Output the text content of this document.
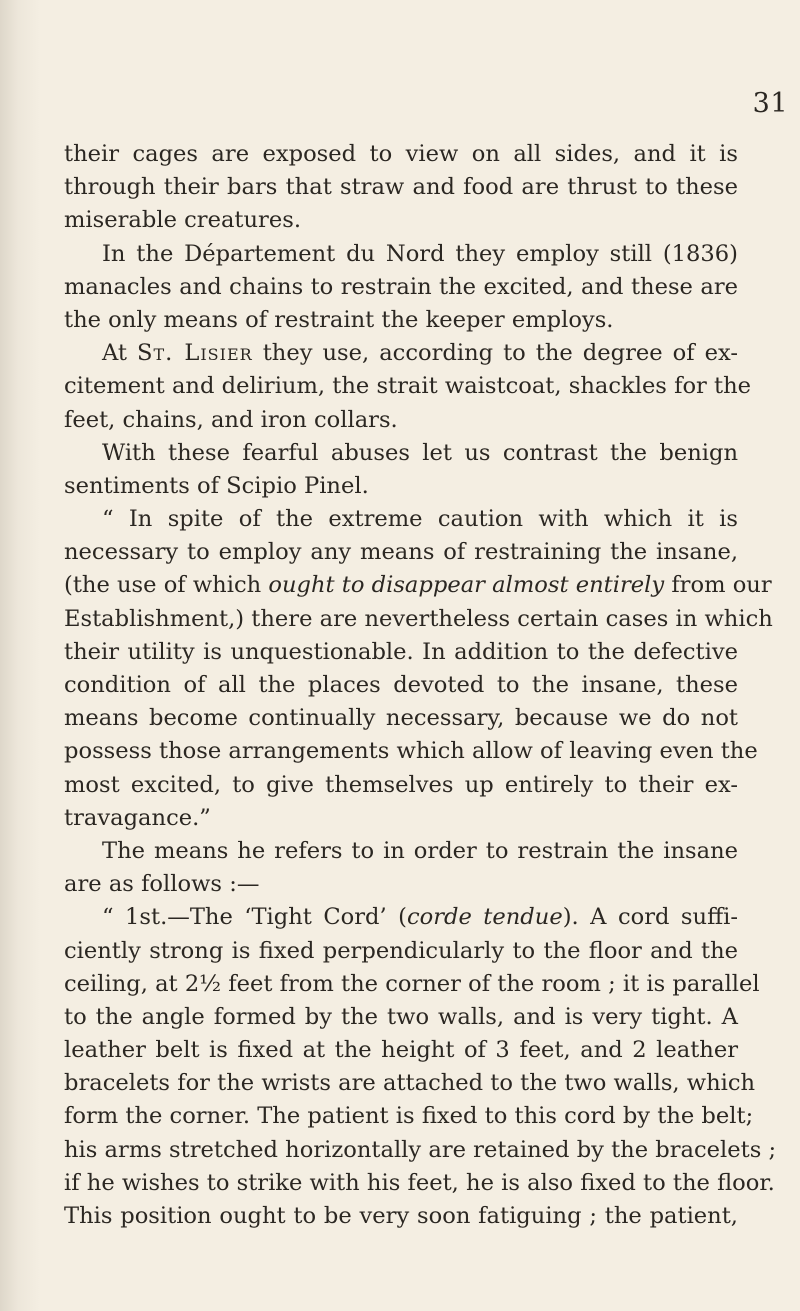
31
their cages are exposed to view on all sides, and it is
through their bars that straw and food are thrust to these
miserable creatures.
In the Département du Nord they employ still (1836)
manacles and chains to restrain the excited, and these are
the only means of restraint the keeper employs.
At St. Lisier they use, according to the degree of ex-
citement and delirium, the strait waistcoat, shackles for the
feet, chains, and iron collars.
With these fearful abuses let us contrast the benign
sentiments of Scipio Pinel.
“ In spite of the extreme caution with which it is
necessary to employ any means of restraining the insane,
(the use of which ought to disappear almost entirely from our
Establishment,) there are nevertheless certain cases in which
their utility is unquestionable. In addition to the defective
condition of all the places devoted to the insane, these
means become continually necessary, because we do not
possess those arrangements which allow of leaving even the
most excited, to give themselves up entirely to their ex-
travagance.”
The means he refers to in order to restrain the insane
are as follows :—
“ 1st.—The ‘Tight Cord’ (corde tendue). A cord suffi-
ciently strong is fixed perpendicularly to the floor and the
ceiling, at 2½ feet from the corner of the room ; it is parallel
to the angle formed by the two walls, and is very tight. A
leather belt is fixed at the height of 3 feet, and 2 leather
bracelets for the wrists are attached to the two walls, which
form the corner. The patient is fixed to this cord by the belt;
his arms stretched horizontally are retained by the bracelets ;
if he wishes to strike with his feet, he is also fixed to the floor.
This position ought to be very soon fatiguing ; the patient,
